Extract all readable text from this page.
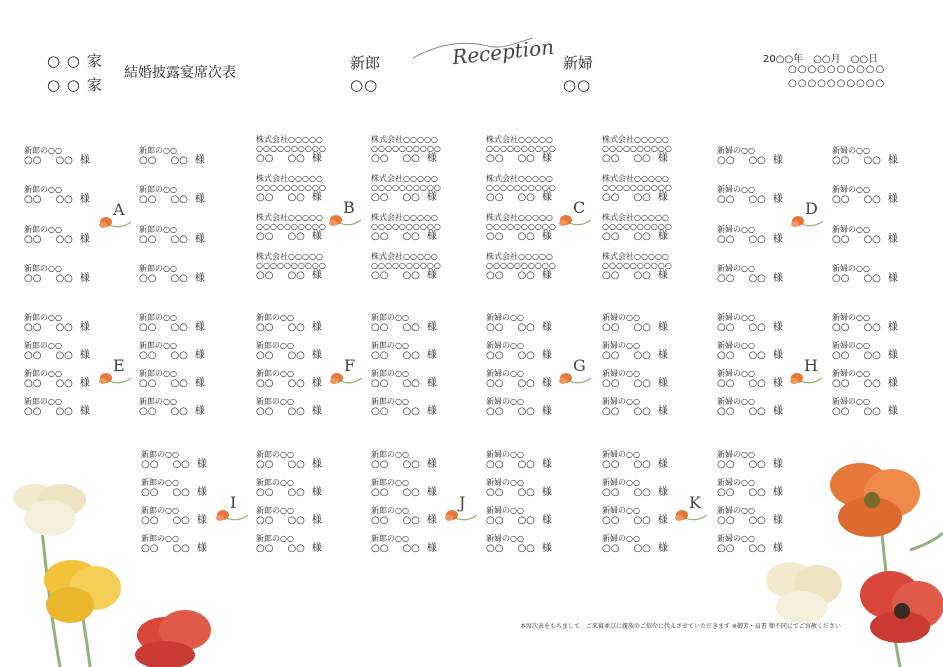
○ ○ 家
○ ○ 家
結婚披露宴席次表
新郎
○○
Reception 新婦
○○
20○○年　○○月　○○日
○○○○○○○○○○
○○○○○○○○○○
新郎の○○
○○ ○○ 様
新郎の○○
○○ ○○ 様
新郎の○○
○○ ○○ 様
新郎の○○
○○ ○○ 様
新郎の○○
○○ ○○ 様
新郎の○○
○○ ○○ 様
新郎の○○
○○ ○○ 様
新郎の○○
○○ ○○ 様
株式会社○○○○○
○○○○○○○○○○
○○ ○○ 様
株式会社○○○○○
○○○○○○○○○○
○○ ○○ 様
株式会社○○○○○
○○○○○○○○○○
○○ ○○ 様
株式会社○○○○○
○○○○○○○○○○
○○ ○○ 様
株式会社○○○○○
○○○○○○○○○○
○○ ○○ 様
株式会社○○○○○
○○○○○○○○○○
○○ ○○ 様
株式会社○○○○○
○○○○○○○○○○
○○ ○○ 様
株式会社○○○○○
○○○○○○○○○○
○○ ○○ 様
株式会社○○○○○
○○○○○○○○○○
○○ ○○ 様
株式会社○○○○○
○○○○○○○○○○
○○ ○○ 様
株式会社○○○○○
○○○○○○○○○○
○○ ○○ 様
株式会社○○○○○
○○○○○○○○○○
○○ ○○ 様
株式会社○○○○○
○○○○○○○○○○
○○ ○○ 様
株式会社○○○○○
○○○○○○○○○○
○○ ○○ 様
株式会社○○○○○
○○○○○○○○○○
○○ ○○ 様
株式会社○○○○○
○○○○○○○○○○
○○ ○○ 様
新婦の○○
○○ ○○ 様
新婦の○○
○○ ○○ 様
新婦の○○
○○ ○○ 様
新婦の○○
○○ ○○ 様
新婦の○○
○○ ○○ 様
新婦の○○
○○ ○○ 様
新婦の○○
○○ ○○ 様
新婦の○○
○○ ○○ 様
新郎の○○
○○ ○○ 様
新郎の○○
○○ ○○ 様
新郎の○○
○○ ○○ 様
新郎の○○
○○ ○○ 様
新郎の○○
○○ ○○ 様
新郎の○○
○○ ○○ 様
新郎の○○
○○ ○○ 様
新郎の○○
○○ ○○ 様
新郎の○○
○○ ○○ 様
新郎の○○
○○ ○○ 様
新郎の○○
○○ ○○ 様
新郎の○○
○○ ○○ 様
新郎の○○
○○ ○○ 様
新郎の○○
○○ ○○ 様
新郎の○○
○○ ○○ 様
新郎の○○
○○ ○○ 様
新婦の○○
○○ ○○ 様
新婦の○○
○○ ○○ 様
新婦の○○
○○ ○○ 様
新婦の○○
○○ ○○ 様
新婦の○○
○○ ○○ 様
新婦の○○
○○ ○○ 様
新婦の○○
○○ ○○ 様
新婦の○○
○○ ○○ 様
新婦の○○
○○ ○○ 様
新婦の○○
○○ ○○ 様
新婦の○○
○○ ○○ 様
新婦の○○
○○ ○○ 様
新婦の○○
○○ ○○ 様
新婦の○○
○○ ○○ 様
新婦の○○
○○ ○○ 様
新婦の○○
○○ ○○ 様
新郎の○○
○○ ○○ 様
新郎の○○
○○ ○○ 様
新郎の○○
○○ ○○ 様
新郎の○○
○○ ○○ 様
新郎の○○
○○ ○○ 様
新郎の○○
○○ ○○ 様
新郎の○○
○○ ○○ 様
新郎の○○
○○ ○○ 様
新郎の○○
○○ ○○ 様
新郎の○○
○○ ○○ 様
新郎の○○
○○ ○○ 様
新郎の○○
○○ ○○ 様
新婦の○○
○○ ○○ 様
新婦の○○
○○ ○○ 様
新婦の○○
○○ ○○ 様
新婦の○○
○○ ○○ 様
新婦の○○
○○ ○○ 様
新婦の○○
○○ ○○ 様
新婦の○○
○○ ○○ 様
新婦の○○
○○ ○○ 様
新婦の○○
○○ ○○ 様
新婦の○○
○○ ○○ 様
新婦の○○
○○ ○○ 様
新婦の○○
○○ ○○ 様
A	B	C	D
E	F	G	H
I	J	K
本席次表をもちまして　ご来賓並びに親族のご紹介に代えさせていただきます ※御芳・肩書 順不同にてご容赦ください
